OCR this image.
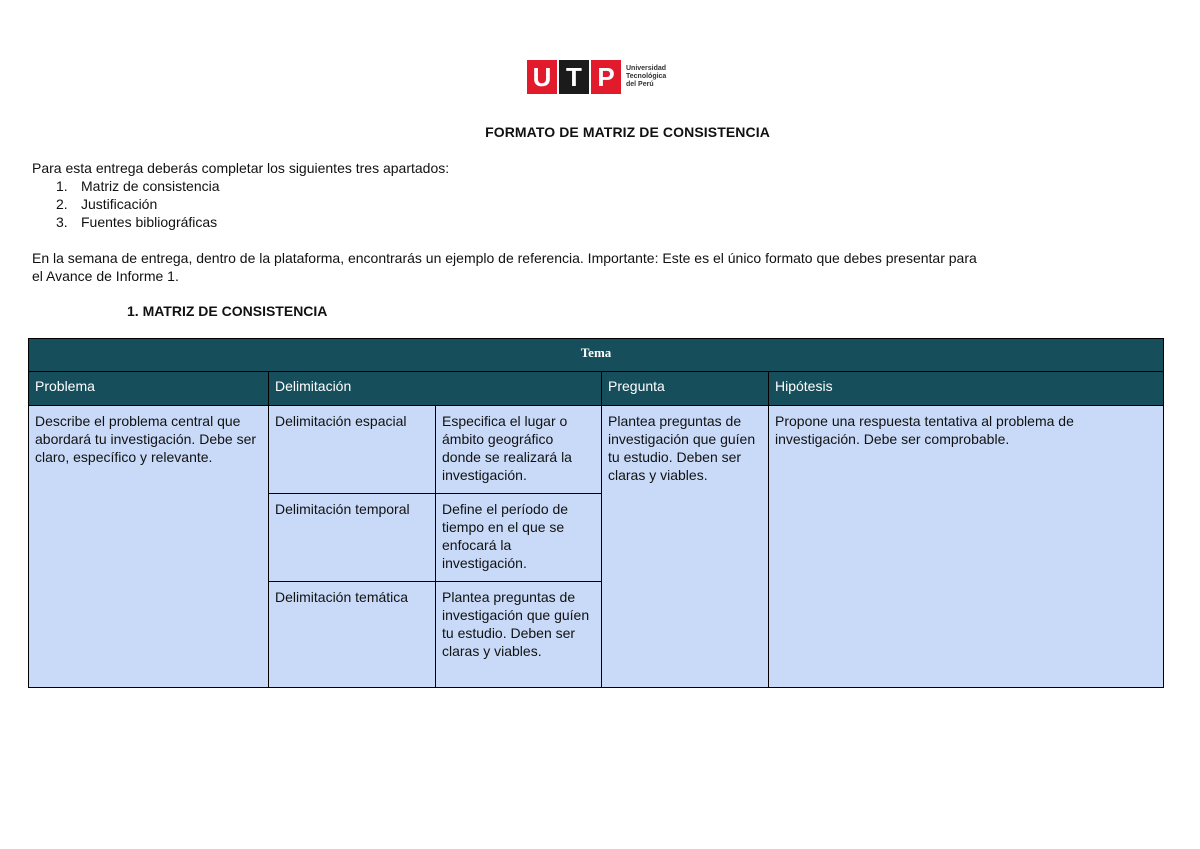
U T P	Universidad
Tecnológica
del Perú
FORMATO DE MATRIZ DE CONSISTENCIA
Para esta entrega deberás completar los siguientes tres apartados:
1. Matriz de consistencia
2. Justificación
3. Fuentes bibliográficas
En la semana de entrega, dentro de la plataforma, encontrarás un ejemplo de referencia. Importante: Este es el único formato que debes presentar para
el Avance de Informe 1.
1. MATRIZ DE CONSISTENCIA
Tema				
Problema	Delimitación		Pregunta	Hipótesis
Describe el problema central que abordará tu investigación. Debe ser claro, específico y relevante.	Delimitación espacial	Especifica el lugar o ámbito geográfico donde se realizará la investigación.	Plantea preguntas de investigación que guíen tu estudio. Deben ser claras y viables.	Propone una respuesta tentativa al problema de investigación. Debe ser comprobable.
	Delimitación temporal	Define el período de tiempo en el que se enfocará la investigación.		
	Delimitación temática	Plantea preguntas de investigación que guíen tu estudio. Deben ser claras y viables.		
